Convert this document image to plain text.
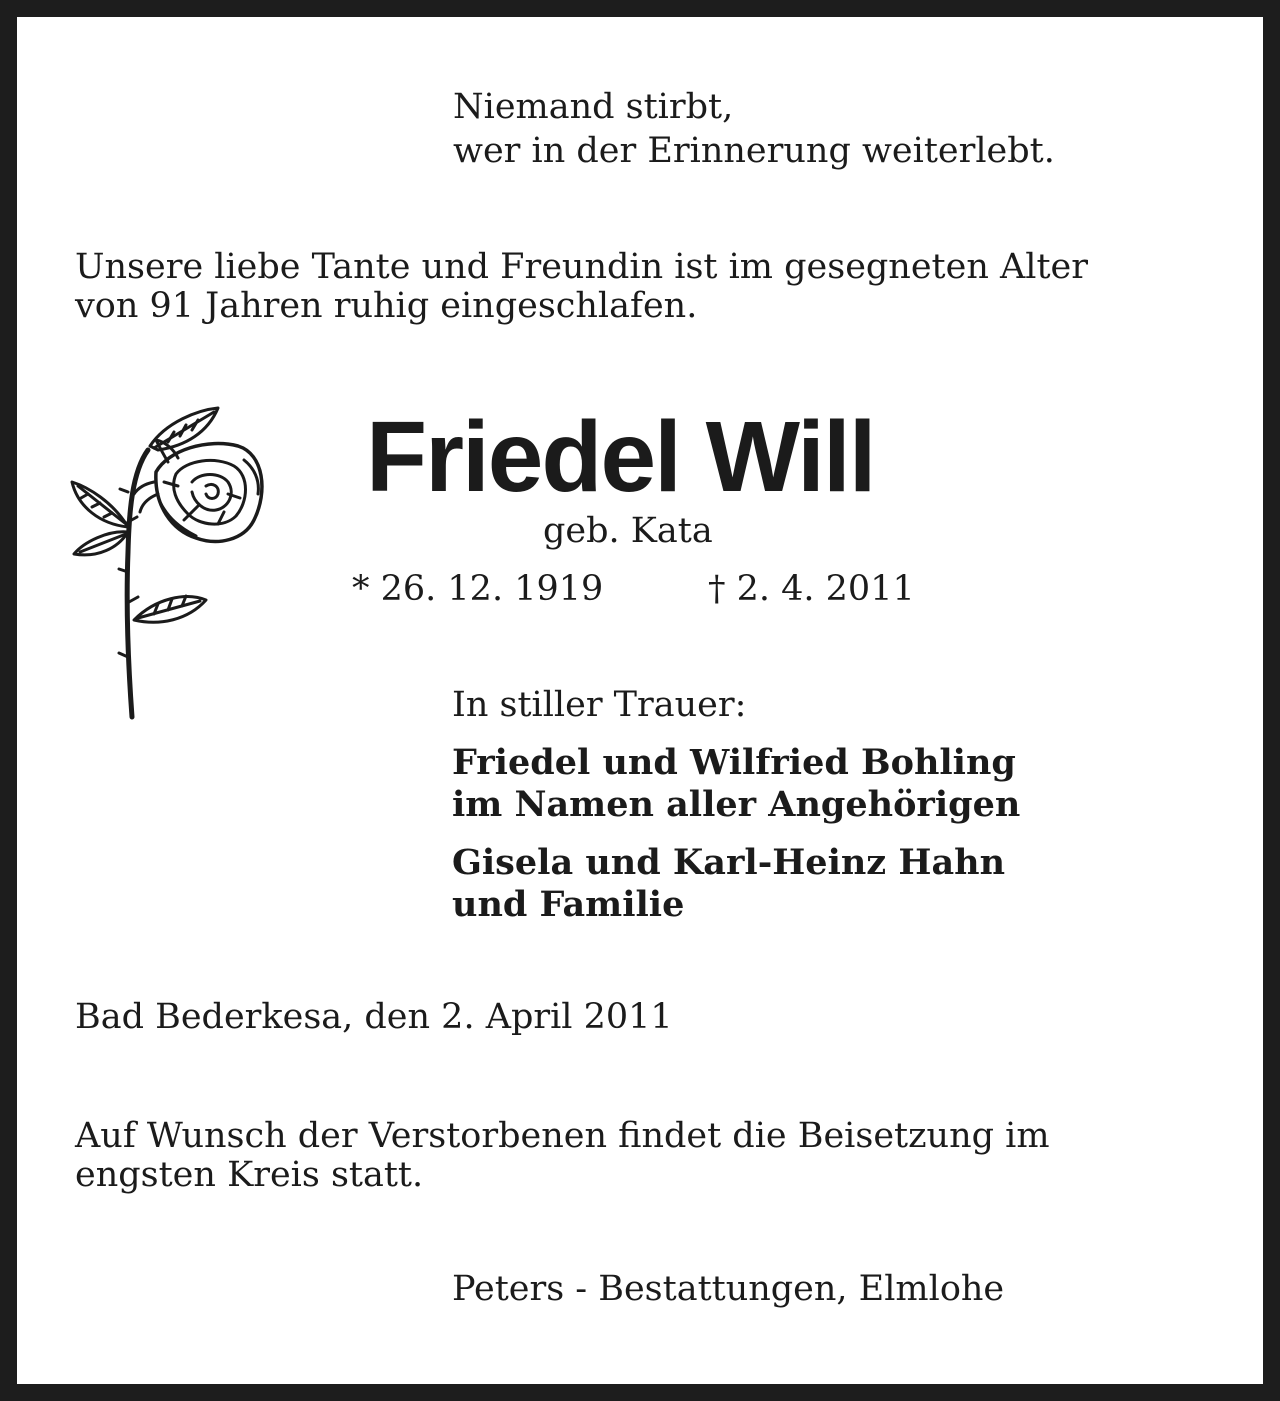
Niemand stirbt,
wer in der Erinnerung weiterlebt.
Unsere liebe Tante und Freundin ist im gesegneten Alter
von 91 Jahren ruhig eingeschlafen.
Friedel Will
geb. Kata
* 26. 12. 1919	† 2. 4. 2011
In stiller Trauer:
Friedel und Wilfried Bohling
im Namen aller Angehörigen
Gisela und Karl-Heinz Hahn
und Familie
Bad Bederkesa, den 2. April 2011
Auf Wunsch der Verstorbenen findet die Beisetzung im
engsten Kreis statt.
Peters - Bestattungen, Elmlohe
